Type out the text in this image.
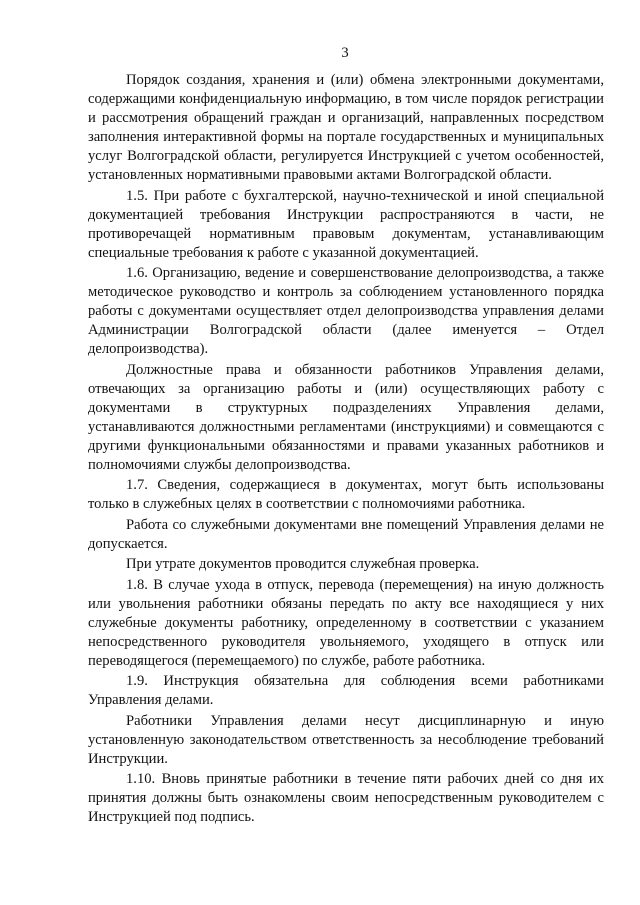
3

Порядок создания, хранения и (или) обмена электронными документами, содержащими конфиденциальную информацию, в том числе порядок регистрации и рассмотрения обращений граждан и организаций, направленных посредством заполнения интерактивной формы на портале государственных и муниципальных услуг Волгоградской области, регулируется Инструкцией с учетом особенностей, установленных нормативными правовыми актами Волгоградской области.

1.5. При работе с бухгалтерской, научно-технической и иной специальной документацией требования Инструкции распространяются в части, не противоречащей нормативным правовым документам, устанавливающим специальные требования к работе с указанной документацией.

1.6. Организацию, ведение и совершенствование делопроизводства, а также методическое руководство и контроль за соблюдением установленного порядка работы с документами осуществляет отдел делопроизводства управления делами Администрации Волгоградской области (далее именуется – Отдел делопроизводства).

Должностные права и обязанности работников Управления делами, отвечающих за организацию работы и (или) осуществляющих работу с документами в структурных подразделениях Управления делами, устанавливаются должностными регламентами (инструкциями) и совмещаются с другими функциональными обязанностями и правами указанных работников и полномочиями службы делопроизводства.

1.7. Сведения, содержащиеся в документах, могут быть использованы только в служебных целях в соответствии с полномочиями работника.

Работа со служебными документами вне помещений Управления делами не допускается.

При утрате документов проводится служебная проверка.

1.8. В случае ухода в отпуск, перевода (перемещения) на иную должность или увольнения работники обязаны передать по акту все находящиеся у них служебные документы работнику, определенному в соответствии с указанием непосредственного руководителя увольняемого, уходящего в отпуск или переводящегося (перемещаемого) по службе, работе работника.

1.9. Инструкция обязательна для соблюдения всеми работниками Управления делами.

Работники Управления делами несут дисциплинарную и иную установленную законодательством ответственность за несоблюдение требований Инструкции.

1.10. Вновь принятые работники в течение пяти рабочих дней со дня их принятия должны быть ознакомлены своим непосредственным руководителем с Инструкцией под подпись.
